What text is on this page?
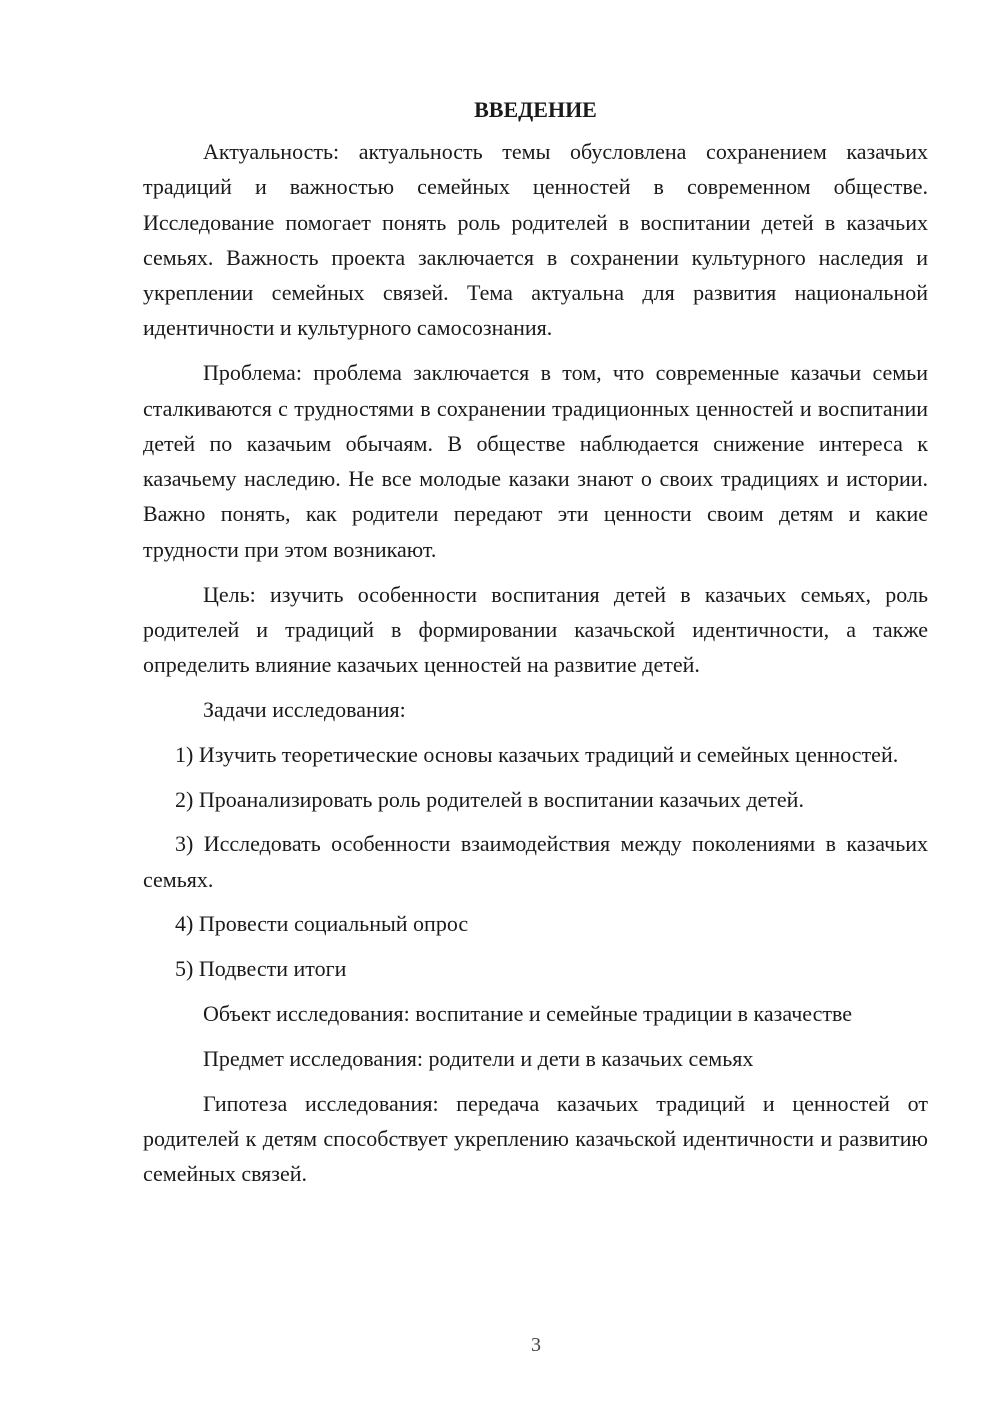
ВВЕДЕНИЕ

Актуальность: актуальность темы обусловлена сохранением казачьих традиций и важностью семейных ценностей в современном обществе. Исследование помогает понять роль родителей в воспитании детей в казачьих семьях. Важность проекта заключается в сохранении культурного наследия и укреплении семейных связей. Тема актуальна для развития национальной идентичности и культурного самосознания.

Проблема: проблема заключается в том, что современные казачьи семьи сталкиваются с трудностями в сохранении традиционных ценностей и воспитании детей по казачьим обычаям. В обществе наблюдается снижение интереса к казачьему наследию. Не все молодые казаки знают о своих традициях и истории. Важно понять, как родители передают эти ценности своим детям и какие трудности при этом возникают.

Цель: изучить особенности воспитания детей в казачьих семьях, роль родителей и традиций в формировании казачьской идентичности, а также определить влияние казачьих ценностей на развитие детей.

Задачи исследования:

1) Изучить теоретические основы казачьих традиций и семейных ценностей.

2) Проанализировать роль родителей в воспитании казачьих детей.

3) Исследовать особенности взаимодействия между поколениями в казачьих семьях.

4) Провести социальный опрос

5) Подвести итоги

Объект исследования: воспитание и семейные традиции в казачестве

Предмет исследования: родители и дети в казачьих семьях

Гипотеза исследования: передача казачьих традиций и ценностей от родителей к детям способствует укреплению казачьской идентичности и развитию семейных связей.

3
